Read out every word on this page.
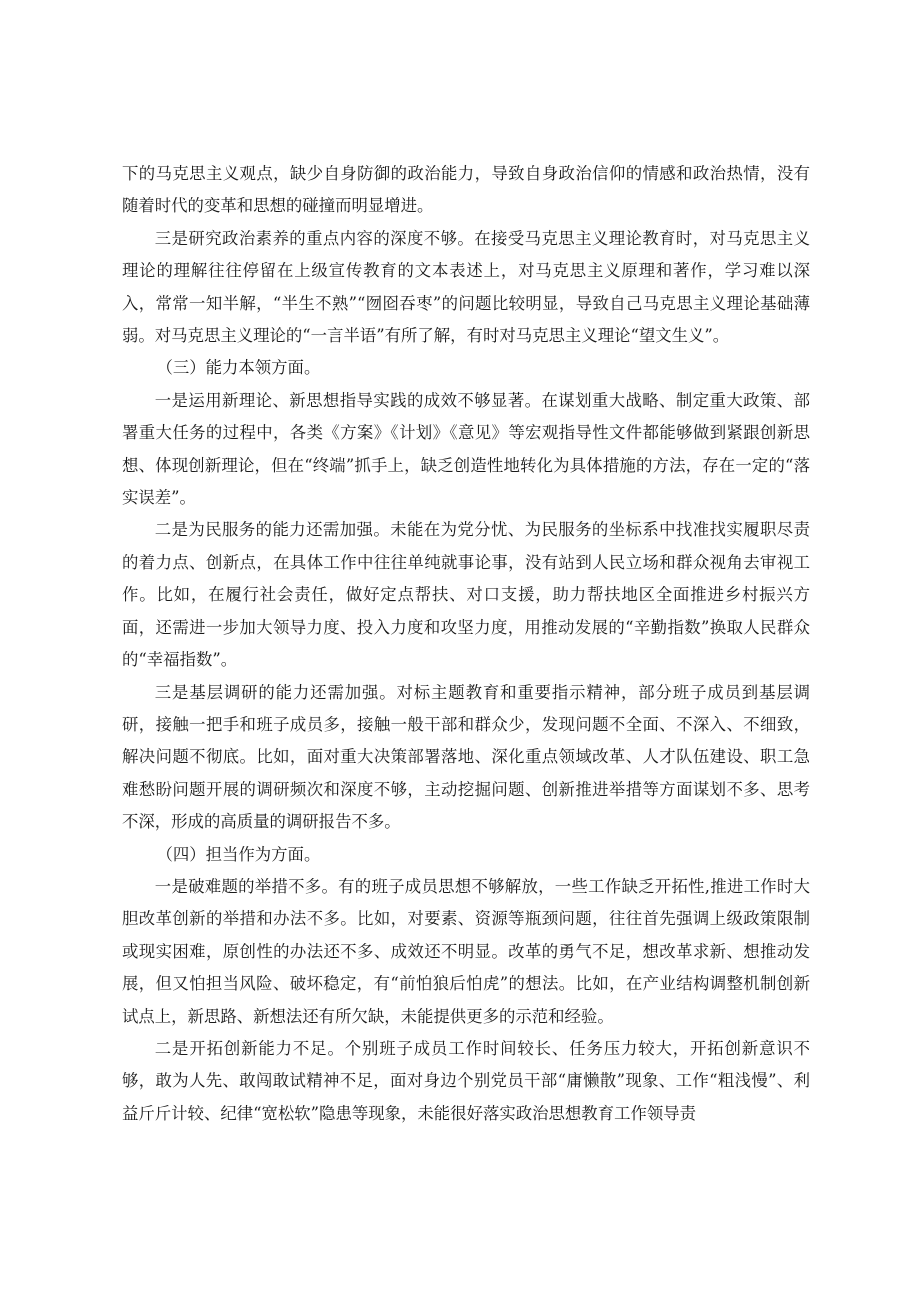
下的马克思主义观点，缺少自身防御的政治能力，导致自身政治信仰的情感和政治热情，没有随着时代的变革和思想的碰撞而明显增进。

三是研究政治素养的重点内容的深度不够。在接受马克思主义理论教育时，对马克思主义理论的理解往往停留在上级宣传教育的文本表述上，对马克思主义原理和著作，学习难以深入，常常一知半解，“半生不熟”“囫囵吞枣”的问题比较明显，导致自己马克思主义理论基础薄弱。对马克思主义理论的“一言半语”有所了解，有时对马克思主义理论“望文生义”。

（三）能力本领方面。

一是运用新理论、新思想指导实践的成效不够显著。在谋划重大战略、制定重大政策、部署重大任务的过程中，各类《方案》《计划》《意见》等宏观指导性文件都能够做到紧跟创新思想、体现创新理论，但在“终端”抓手上，缺乏创造性地转化为具体措施的方法，存在一定的“落实误差”。

二是为民服务的能力还需加强。未能在为党分忧、为民服务的坐标系中找准找实履职尽责的着力点、创新点，在具体工作中往往单纯就事论事，没有站到人民立场和群众视角去审视工作。比如，在履行社会责任，做好定点帮扶、对口支援，助力帮扶地区全面推进乡村振兴方面，还需进一步加大领导力度、投入力度和攻坚力度，用推动发展的“辛勤指数”换取人民群众的“幸福指数”。

三是基层调研的能力还需加强。对标主题教育和重要指示精神，部分班子成员到基层调研，接触一把手和班子成员多，接触一般干部和群众少，发现问题不全面、不深入、不细致，解决问题不彻底。比如，面对重大决策部署落地、深化重点领域改革、人才队伍建设、职工急难愁盼问题开展的调研频次和深度不够，主动挖掘问题、创新推进举措等方面谋划不多、思考不深，形成的高质量的调研报告不多。

（四）担当作为方面。

一是破难题的举措不多。有的班子成员思想不够解放，一些工作缺乏开拓性,推进工作时大胆改革创新的举措和办法不多。比如，对要素、资源等瓶颈问题，往往首先强调上级政策限制或现实困难，原创性的办法还不多、成效还不明显。改革的勇气不足，想改革求新、想推动发展，但又怕担当风险、破坏稳定，有“前怕狼后怕虎”的想法。比如，在产业结构调整机制创新试点上，新思路、新想法还有所欠缺，未能提供更多的示范和经验。

二是开拓创新能力不足。个别班子成员工作时间较长、任务压力较大，开拓创新意识不够，敢为人先、敢闯敢试精神不足，面对身边个别党员干部“庸懒散”现象、工作“粗浅慢”、利益斤斤计较、纪律“宽松软”隐患等现象，未能很好落实政治思想教育工作领导责
